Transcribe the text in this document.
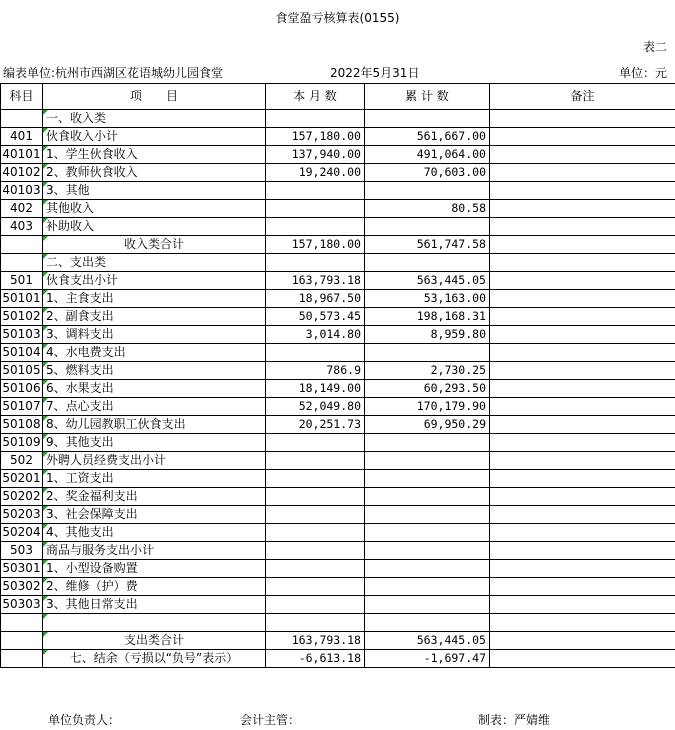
食堂盈亏核算表(0155)
表二
编表单位:杭州市西湖区花语城幼儿园食堂	2022年5月31日	单位：元
科目	项　　目	本 月 数	累 计 数	备注
	一、收入类			
401	伙食收入小计	157,180.00	561,667.00	
40101	1、学生伙食收入	137,940.00	491,064.00	
40102	2、教师伙食收入	19,240.00	70,603.00	
40103	3、其他			
402	其他收入		80.58	
403	补助收入			
	收入类合计	157,180.00	561,747.58	
	二、支出类			
501	伙食支出小计	163,793.18	563,445.05	
50101	1、主食支出	18,967.50	53,163.00	
50102	2、副食支出	50,573.45	198,168.31	
50103	3、调料支出	3,014.80	8,959.80	
50104	4、水电费支出			
50105	5、燃料支出	786.9	2,730.25	
50106	6、水果支出	18,149.00	60,293.50	
50107	7、点心支出	52,049.80	170,179.90	
50108	8、幼儿园教职工伙食支出	20,251.73	69,950.29	
50109	9、其他支出			
502	外聘人员经费支出小计			
50201	1、工资支出			
50202	2、奖金福利支出			
50203	3、社会保障支出			
50204	4、其他支出			
503	商品与服务支出小计			
50301	1、小型设备购置			
50302	2、维修（护）费			
50303	3、其他日常支出			

	支出类合计	163,793.18	563,445.05	
	七、结余（亏损以“负号”表示）	-6,613.18	-1,697.47	
单位负责人：	会计主管：	制表：严婧维
